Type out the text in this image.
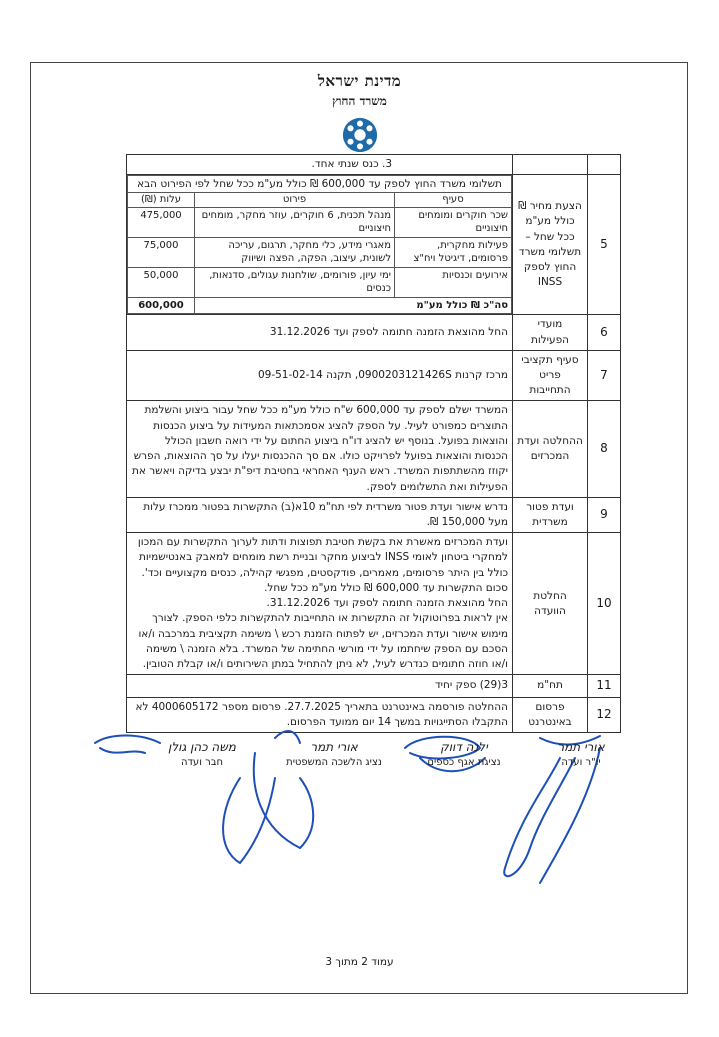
מדינת ישראל
משרד החוץ
		3. כנס שנתי אחד.
5	הצעת מחיר ₪ כולל מע"מ ככל שחל – תשלומי משרד החוץ לספק INSS	
תשלומי משרד החוץ לספק עד 600,000 ₪ כולל מע"מ ככל שחל לפי הפירוט הבא
סעיף	פירוט	עלות (₪)
שכר חוקרים ומומחים חיצוניים	מנהל תכנית, 6 חוקרים, עוזר מחקר, מומחים חיצוניים	475,000
פעילות מחקרית, פרסומים, דיגיטל ויח"צ	מאגרי מידע, כלי מחקר, תרגום, עריכה לשונית, עיצוב, הפקה, הפצה ושיווק	75,000
אירועים וכנסיות	ימי עיון, פורומים, שולחנות עגולים, סדנאות, כנסים	50,000
סה"כ ₪ כולל מע"מ	600,000

6	מועדי הפעילות	החל מהוצאת הזמנה חתומה לספק ועד 31.12.2026
7	סעיף תקציבי פריט התחייבות	מרכז קרנות 0900203121426S, תקנה 09-51-02-14
8	ההחלטה ועדת המכרזים	המשרד ישלם לספק עד 600,000 ש"ח כולל מע"מ ככל שחל עבור ביצוע והשלמת התוצרים כמפורט לעיל. על הספק להציג אסמכתאות המעידות על ביצוע הכנסות והוצאות בפועל. בנוסף יש להציג דו"ח ביצוע החתום על ידי רואה חשבון הכולל הכנסות והוצאות בפועל לפרויקט כולו. אם סך ההכנסות יעלו על סך ההוצאות, הפרש יקוזז מהשתתפות המשרד. ראש הענף האחראי בחטיבת דיפ"ת יבצע בדיקה ויאשר את הפעילות ואת התשלומים לספק.
9	ועדת פטור משרדית	נדרש אישור ועדת פטור משרדית לפי תח"מ 10א(ב) התקשרות בפטור ממכרז עלות מעל 150,000 ₪.
10	החלטת הוועדה	
ועדת המכרזים מאשרת את בקשת חטיבת תפוצות ודתות לערוך התקשרות עם המכון למחקרי ביטחון לאומי INSS לביצוע מחקר ובניית רשת מומחים למאבק באנטישמיות כולל בין היתר פרסומים, מאמרים, פודקסטים, מפגשי קהילה, כנסים מקצועיים וכד'.
סכום התקשרות עד 600,000 ₪ כולל מע"מ ככל שחל.
החל מהוצאת הזמנה חתומה לספק ועד 31.12.2026.
אין לראות בפרוטוקול זה התקשרות או התחייבות להתקשרות כלפי הספק. לצורך מימוש אישור ועדת המכרזים, יש לפתוח הזמנת רכש \ משימה תקציבית במרכבה ו/או הסכם עם הספק שיחתמו על ידי מורשי החתימה של המשרד. בלא הזמנה \ משימה ו/או חוזה חתומים כנדרש לעיל, לא ניתן להתחיל במתן השירותים ו/או קבלת הטובין.

11	תח"מ	3(29) ספק יחיד
12	פרסום באינטרנט	ההחלטה פורסמה באינטרנט בתאריך 27.7.2025. פרסום מספר 4000605172 לא התקבלו הסתייגויות במשך 14 יום ממועד הפרסום.
אורי תמר
יו"ר ועדה
ילנה דווק
נציגת אגף כספים
אורי תמר
נציג הלשכה המשפטית
משה כהן גולן
חבר ועדה
עמוד 2 מתוך 3
